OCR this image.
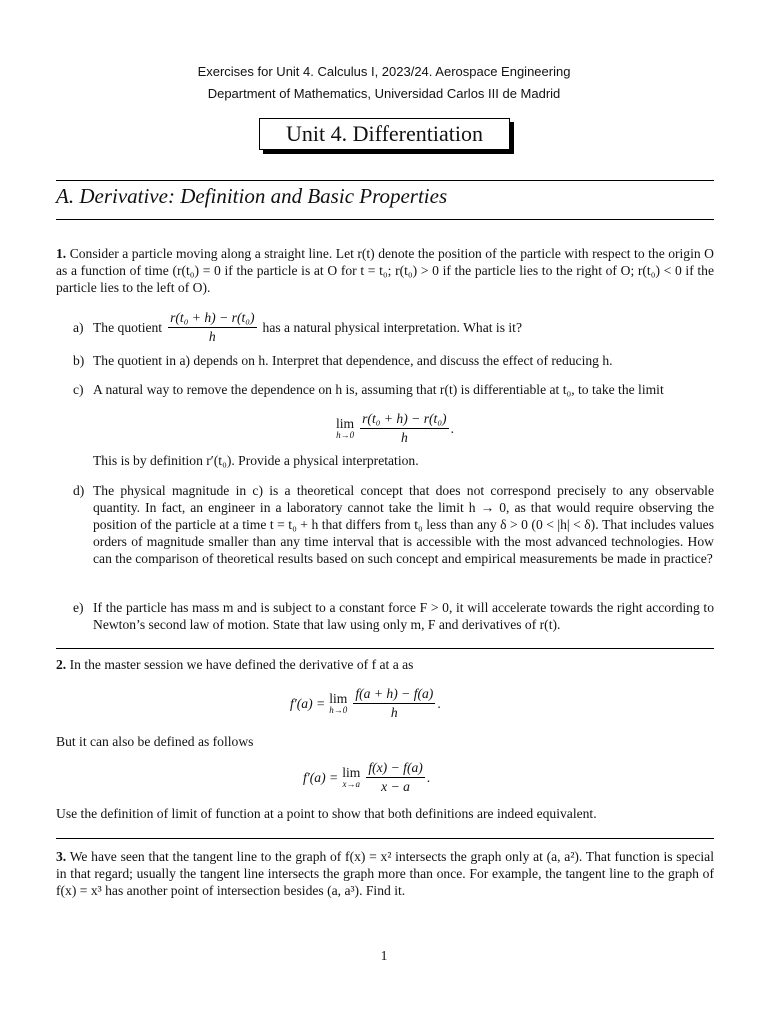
Exercises for Unit 4. Calculus I, 2023/24. Aerospace Engineering
Department of Mathematics, Universidad Carlos III de Madrid
Unit 4. Differentiation
A. Derivative: Definition and Basic Properties
1. Consider a particle moving along a straight line. Let r(t) denote the position of the particle with respect to the origin O as a function of time (r(t₀) = 0 if the particle is at O for t = t₀; r(t₀) > 0 if the particle lies to the right of O; r(t₀) < 0 if the particle lies to the left of O).
a) The quotient $\frac{\text{r(t₀ + h) − r(t₀)}}{h}$ has a natural physical interpretation. What is it?
b) The quotient in a) depends on h. Interpret that dependence, and discuss the effect of reducing h.
c) A natural way to remove the dependence on h is, assuming that r(t) is differentiable at t₀, to take the limit
lim
$h\to 0 \frac{\text{r(t₀ + h) − r(t₀)}}{h}$ .
This is by definition r′(t₀). Provide a physical interpretation.
d) The physical magnitude in c) is a theoretical concept that does not correspond precisely to any observable quantity. In fact, an engineer in a laboratory cannot take the limit h → 0, as that would require observing the position of the particle at a time t = t₀ + h that differs from t₀ less than any δ > 0 (0 < |h| < δ). That includes values orders of magnitude smaller than any time interval that is accessible with the most advanced technologies. How can the comparison of theoretical results based on such concept and empirical measurements be made in practice?
e) If the particle has mass m and is subject to a constant force F > 0, it will accelerate towards the right according to Newton’s second law of motion. State that law using only m, F and derivatives of r(t).
2. In the master session we have defined the derivative of f at a as
f′(a) = lim
$h\to 0 \frac{f(a + h) - f(a)}{h}$ .
But it can also be defined as follows
f′(a) = lim
$x\to a \frac{f(x) - f(a)}{x - a}$ .
Use the definition of limit of function at a point to show that both definitions are indeed equivalent.
3. We have seen that the tangent line to the graph of f(x) = x² intersects the graph only at (a, a²). That function is special in that regard; usually the tangent line intersects the graph more than once. For example, the tangent line to the graph of f(x) = x³ has another point of intersection besides (a, a³). Find it.
1
